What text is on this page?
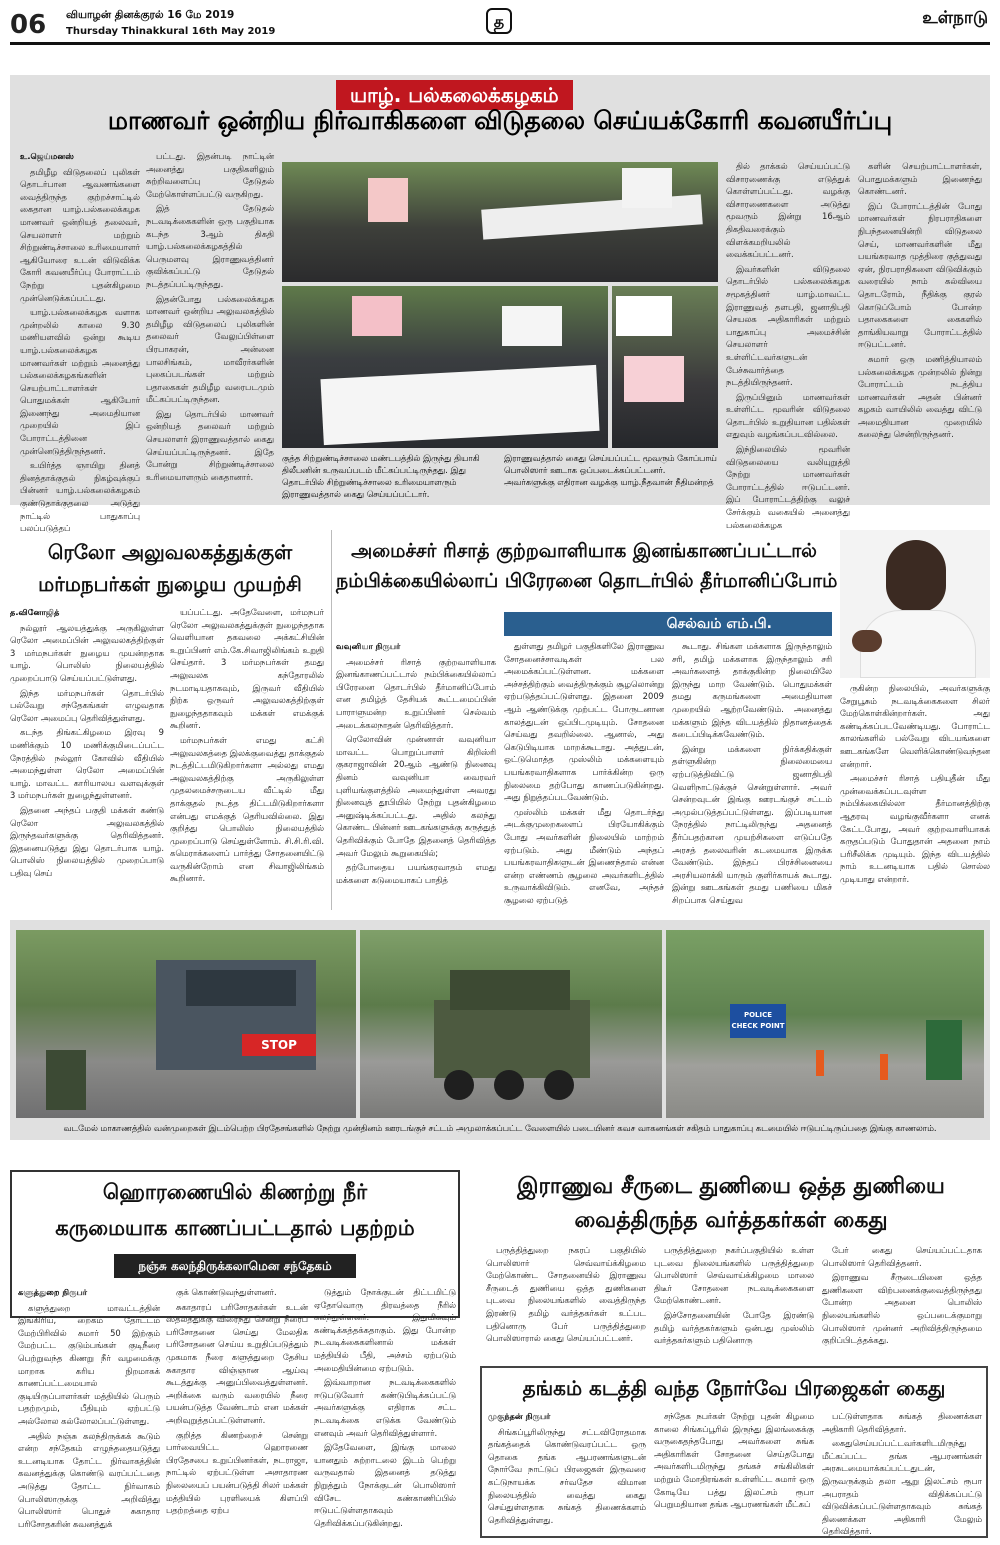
06 வியாழன் தினக்குரல் 16 மே 2019
Thursday Thinakkural 16th May 2019
த	உள்நாடு
யாழ். பல்கலைக்கழகம்
மாணவர் ஒன்றிய நிர்வாகிகளை விடுதலை செய்யக்கோரி கவனயீர்ப்பு

உ.ஜெய்மனஸ்

தமிழீழ விடுதலைப் புலிகள் தொடர்பான ஆவணங்களை வைத்திருந்த குற்றச்சாட்டில் கைதான யாழ்.பல்கலைக்கழக மாணவர் ஒன்றியத் தலைவர், செயலாளர் மற்றும் சிற்றுண்டிச்சாலை உரிமையாளர் ஆகியோரை உடன் விடுவிக்க கோரி கவனயீர்ப்பு போராட்டம் நேற்று புதன்கிழமை முன்னெடுக்கப்பட்டது.

யாழ்.பல்கலைக்கழக வளாக முன்றலில் காலை 9.30 மணியளவில் ஒன்று கூடிய யாழ்.பல்கலைக்கழக மாணவர்கள் மற்றும் அனைத்து பல்கலைக்கழகங்களின் செயற்பாட்டாளர்கள் பொதுமக்கள் ஆகியோர் இணைந்து அமைதியான முறையில் இப் போராட்டத்தினை முன்னெடுத்திருந்தனர்.

உயிர்த்த ஞாயிறு தினத் தினத்தாக்குதல் நிகழ்வுக்குப் பின்னர் யாழ்.பல்கலைக்கழகம் குண்டுதாக்குதலை அடுத்து நாட்டில் பாதுகாப்பு பலப்படுத்தப்

பட்டது. இதன்படி நாட்டின் அனைத்து பகுதிகளிலும் சுற்றிவளைப்பு தேடுதல் மேற்கொள்ளப்பட்டு வருகிறது.

இத் தேடுதல் நடவடிக்கைகளின் ஒரு பகுதியாக கடந்த 3ஆம் திகதி யாழ்.பல்கலைக்கழகத்தில் பெருமளவு இராணுவத்தினர் குவிக்கப்பட்டு தேடுதல் நடத்தப்பட்டிருந்தது.

இதன்போது பல்கலைக்கழக மாணவர் ஒன்றிய அலுவலகத்தில் தமிழீழ விடுதலைப் புலிகளின் தலைவர் வேலுப்பிள்ளை பிரபாகரன், அன்னை பாலசிங்கம், மாவீரர்களின் புகைப்படங்கள் மற்றும் பதாகைகள் தமிழீழ வரைபடமும் மீட்கப்பட்டிருந்தன.

இது தொடர்பில் மாணவர் ஒன்றியத் தலைவர் மற்றும் செயலாளர் இராணுவத்தால் கைது செய்யப்பட்டிருந்தனர். இதே போன்று சிற்றுண்டிச்சாலை உரிமையாளரும் கைதானார்.

குத்த சிற்றுண்டிச்சாலை மண்டபத்தில் இருந்து தியாகி திலீபனின் உருவப்படம் மீட்கப்பட்டிருந்தது. இது தொடர்பில் சிற்றுண்டிச்சாலை உரிமையாளரும் இராணுவத்தால் கைது செய்யப்பட்டார்.
இராணுவத்தால் கைது செய்யப்பட்ட மூவரும் கோப்பாய் பொலிஸார் ஊடாக ஒப்படைக்கப்பட்டனர். அவர்களுக்கு எதிரான வழக்கு யாழ்.நீதவான் நீதிமன்றத்

தில் தாக்கல் செய்யப்பட்டு விசாரணைக்கு எடுத்துக் கொள்ளப்பட்டது. வழக்கு விசாரணைகளை அடுத்து மூவரும் இன்று 16ஆம் திகதிவரைக்கும் விளக்கமறியலில் வைக்கப்பட்டனர்.

இவர்களின் விடுதலை தொடர்பில் பல்கலைக்கழக சமூகத்தினர் யாழ்.மாவட்ட இராணுவத் தளபதி, ஜனாதிபதி செயலக அதிகாரிகள் மற்றும் பாதுகாப்பு அமைச்சின் செயலாளர் உள்ளிட்டவர்களுடன் பேச்சுவார்த்தை நடத்தியிருந்தனர்.

இருப்பினும் மாணவர்கள் உள்ளிட்ட மூவரின் விடுதலை தொடர்பில் உறுதியான பதில்கள் எதுவும் வழங்கப்படவில்லை.

இந்நிலையில் மூவரின் விடுதலையை வலியுறுத்தி நேற்று மாணவர்கள் போராட்டத்தில் ஈடுபட்டனர். இப் போராட்டத்திற்கு வலுச் சேர்க்கும் வகையில் அனைத்து பல்கலைக்கழக

களின் செயற்பாட்டாளர்கள், பொதுமக்களும் இணைந்து கொண்டனர்.

இப் போராட்டத்தின் போது மாணவர்கள் நிரபராதிகளை நிபந்தனையின்றி விடுதலை செய், மாணவர்களின் மீது பயங்கரவாத முத்திரை குத்துவது ஏன், நிரபராதிகளை விடுவிக்கும் வரையில் நாம் கல்வியை தொடரோம், நீதிக்கு குரல் கொடுப்போம் போன்ற பதாகைகளை கைகளில் தாங்கியவாறு போராட்டத்தில் ஈடுபட்டனர்.

சுமார் ஒரு மணித்தியாலம் பல்கலைக்கழக முன்றலில் நின்று போராட்டம் நடத்திய மாணவர்கள் அதன் பின்னர் கழகம் வாயிலில் வைத்து விட்டு அமைதியான முறையில் கலைந்து சென்றிருந்தனர்.

ரெலோ அலுவலகத்துக்குள்
மர்மநபர்கள் நுழைய முயற்சி

த.வினோஜித்

நல்லூர் ஆலயத்துக்கு அருகிலுள்ள ரெலோ அமைப்பின் அலுவலகத்திற்குள் 3 மர்மநபர்கள் நுழைய முயன்றதாக யாழ். பொலிஸ் நிலையத்தில் முறைப்பாடு செய்யப்பட்டுள்ளது.

இந்த மர்மநபர்கள் தொடர்பில் பல்வேறு சந்தேகங்கள் எழுவதாக ரெலோ அமைப்பு தெரிவித்துள்ளது.

கடந்த திங்கட்கிழமை இரவு 9 மணிக்கும் 10 மணிக்குமிடைப்பட்ட நேரத்தில் நல்லூர் கோவில் வீதியில் அமைந்துள்ள ரெலோ அமைப்பின் யாழ். மாவட்ட காரியாலய வளவுக்குள் 3 மர்மநபர்கள் நுழைந்துள்ளனர்.

இதனை அந்தப் பகுதி மக்கள் கண்டு ரெலோ அலுவலகத்தில் இருந்தவர்களுக்கு தெரிவித்தனர். இதனையடுத்து இது தொடர்பாக யாழ். பொலிஸ் நிலையத்தில் முறைப்பாடு பதிவு செய்

யப்பட்டது. அதேவேளை, மர்மநபர் ரெலோ அலுவலகத்துக்குள் நுழைந்ததாக வெளியான தகவலை அக்கட்சியின் உறுப்பினர் எம்.கே.சிவாஜிலிங்கம் உறுதி செய்தார். 3 மர்மநபர்கள் தமது அலுவலக கந்தோரலில் நடமாடியதாகவும், இருவர் வீதியில் நிற்க ஒருவர் அலுவலகத்திற்குள் நுழைந்ததாகவும் மக்கள் எமக்குக் கூறினர்.

மர்மநபர்கள் எமது கட்சி அலுவலகத்தை இலக்குவைத்து தாக்குதல் நடத்திட்டமிடுகிறார்களா அல்லது எமது அலுவலகத்திற்கு அருகிலுள்ள முதலமைச்சருடைய வீட்டில் மீது தாக்குதல் நடத்த திட்டமிடுகிறார்களா என்பது எமக்குத் தெரியவில்லை. இது குறித்து பொலிஸ் நிலையத்தில் முறைப்பாடு செய்துள்ளோம். சி.சி.ரி.வி. கமெராக்களைப் பார்த்து சோதனையிட்டு வருகின்றோம் என சிவாஜிலிங்கம் கூறினார்.

அமைச்சர் ரிசாத் குற்றவாளியாக இனங்காணப்பட்டால்
நம்பிக்கையில்லாப் பிரேரனை தொடர்பில் தீர்மானிப்போம்
செல்வம் எம்.பி.

வவுனியா நிருபர்

அமைச்சர் ரிசாத் குற்றவாளியாக இனங்காணப்பட்டால் நம்பிக்கையில்லாப் பிரேரனை தொடர்பில் தீர்மானிப்போம் என தமிழ்த் தேசியக் கூட்டமைப்பின் பாராளுமன்ற உறுப்பினர் செல்வம் அடைக்கலநாதன் தெரிவித்தார்.

ரெலோவின் முன்னாள் வவுனியா மாவட்ட பொறுப்பாளர் கிறிஸ்ரி குகராஜாவின் 20ஆம் ஆண்டு நினைவு தினம் வவுனியா வைரவர் புளியங்குளத்தில் அமைந்துள்ள அவரது நினைவுத் தூபியில் நேற்று புதன்கிழமை அனுஷ்டிக்கப்பட்டது. அதில் கலந்து கொண்ட பின்னர் ஊடகங்களுக்கு கருத்துத் தெரிவிக்கும் போதே இதனைத் தெரிவித்த அவர் மேலும் கூறுகையில்;

தற்போதைய பயங்கரவாதம் எமது மக்களை கடுமையாகப் பாதித்

துள்ளது தமிழர் பகுதிகளிலே இராணுவ சோதனைச்சாவடிகள் பல அமைக்கப்பட்டுள்ளன. மக்களை அச்சத்திற்கும் வைத்திருக்கும் சூழலொன்று ஏற்படுத்தப்பட்டுள்ளது. இதனை 2009 ஆம் ஆண்டுக்கு முற்பட்ட போருடனான காலத்துடன் ஒப்பிடமுடியும். சோதனை செய்வது தவறில்லை. ஆனால், அது கெடுபிடியாக மாறக்கூடாது. அத்துடன், ஒட்டுமொத்த முஸ்லிம் மக்களையும் பயங்கரவாதிகளாக பார்க்கின்ற ஒரு நிலைமை தற்போது காணப்படுகின்றது. அது நிறுத்தப்படவேண்டும்.

முஸ்லிம் மக்கள் மீது தொடர்ந்து அடக்குமுறைகளைப் பிரயோகிக்கும் போது அவர்களின் நிலையில் மாற்றம் ஏற்படும். அது மீண்டும் அந்தப் பயங்கரவாதிகளுடன் இணைந்தால் என்ன என்ற எண்ணம் சூழலை அவர்களிடத்தில் உருவாக்கிவிடும். எனவே, அந்தச் சூழலை ஏற்படுத்

கூடாது. சிங்கள மக்களாக இருந்தாலும் சரி, தமிழ் மக்களாக இருந்தாலும் சரி அவர்களைத் தாக்குகின்ற நிலையிலே இருந்து மாற வேண்டும். பொதுமக்கள் தமது கருமங்களை அமைதியான முறையில் ஆற்றவேண்டும். அனைத்து மக்களும் இந்த விடயத்தில் நிதானத்தைக் கடைப்பிடிக்கவேண்டும்.

இன்று மக்களை நிர்க்கதிக்குள் தள்ளுகின்ற நிலைமையை ஏற்படுத்திவிட்டு ஜனாதிபதி வெளிநாட்டுக்குச் சென்றுள்ளார். அவர் சென்றவுடன் இங்கு ஊரடங்குச் சட்டம் அமுல்படுத்தப்பட்டுள்ளது. இப்படியான நேரத்தில் நாட்டிலிருந்து அதனைத் தீர்ப்பதற்கான முயற்சிகளை எடுப்பதே அரசத் தலைவரின் கடமையாக இருக்க வேண்டும். இந்தப் பிரச்சினையை அரசியலாக்கி யாரும் குளிர்காயக் கூடாது. இன்று ஊடகங்கள் தமது பணியை மிகச் சிறப்பாக செய்துவ

ருகின்ற நிலையில், அவர்களுக்கு சேறுபூசும் நடவடிக்கைகளை சிலர் மேற்கொள்கின்றார்கள். அது கண்டிக்கப்படவேண்டியது. போராட்ட காலங்களில் பல்வேறு விடயங்களை ஊடகங்களே வெளிக்கொண்டுவந்தன என்றார்.

அமைச்சர் ரிசாத் பதியுதீன் மீது முன்வைக்கப்படவுள்ள நம்பிக்கையில்லா தீர்மானத்திற்கு ஆதரவு வழங்குவீர்களா எனக் கேட்டபோது, அவர் குற்றவாளியாகக் கருதப்படும் போதுதான் அதனை நாம் பரிசீலிக்க முடியும். இந்த விடயத்தில் நாம் உடனடியாக பதில் சொல்ல முடியாது என்றார்.

STOP
POLICE CHECK POINT
வடமேல் மாகாணத்தில் வன்முறைகள் இடம்பெற்ற பிரதேசங்களில் நேற்று முன்தினம் ஊரடங்குச் சட்டம் அமுலாக்கப்பட்ட வேளையில் படையினர் கவச வாகனங்கள் சகிதம் பாதுகாப்பு கடமையில் ஈடுபட்டிருப்பதை இங்கு காணலாம்.
ஹொரணையில் கிணற்று நீர்
கருமையாக காணப்பட்டதால் பதற்றம்
நஞ்சு கலந்திருக்கலாமென சந்தேகம்

களுத்துறை நிருபர்

களுத்துறை மாவட்டத்தின் இங்கிரிய, றைகம் தோட்டம் மேற்பிரிவில் சுமார் 50 இற்கும் மேற்பட்ட குடும்பங்கள் குடிநீரை பெற்றுவந்த கிணறு நீர் வழமைக்கு மாறாக கரிய நிறமாகக் காணப்பட்டமையால் குடியிருப்பாளர்கள் மத்தியில் பெரும் பதற்றமும், பீதியும் ஏற்பட்டு அல்லோல கல்லோலப்பட்டுள்ளது.

அதில் நஞ்சு கலந்திருக்கக் கூடும் என்ற சந்தேகம் எழுந்ததையடுத்து உடனடியாக தோட்ட நிர்வாகத்தின் கவனத்துக்கு கொண்டு வரப்பட்டதை அடுத்து தோட்ட நிர்வாகம் பொலிஸாருக்கு அறிவித்து பொலிஸார் பொதுச் சுகாதார பரிசோதகரின் கவனத்துக்

குக் கொண்டுவந்துள்ளனர்.

சுகாதாரப் பரிசோதகர்கள் உடன் ஸ்தலத்துக்கு விரைந்து சென்று நீரைப் பரிசோதனை செய்து மேலதிக பரிசோதனை செய்ய உறுதிப்படுத்தும் முகமாக நீரை களுத்துறை தேசிய சுகாதார விஞ்ஞான ஆய்வு கூடத்துக்கு அனுப்பிவைத்துள்ளனர். அறிக்கை வரும் வரையில் நீரை பயன்படுத்த வேண்டாம் என மக்கள் அறிவுறுத்தப்பட்டுள்ளனர்.

குறித்த கிணற்றைச் சென்று பார்வையிட்ட ஹொரணை பிரதேசபை உறுப்பினர்கள், நடராஜா, நாட்டில் ஏற்பட்டுள்ள அசாதாரண நிலையைப் பயன்படுத்தி சிலர் மக்கள் மத்தியில் புரளியைக் கிளப்பி பதற்றத்தை ஏற்ப

டுத்தும் நோக்குடன் திட்டமிட்டு ஏதோவொரு திரவத்தை நீரில் கலந்துள்ளனர். இதுமிகவும் கண்டிக்கத்தக்கதாகும். இது போன்ற நடவடிக்கைகளினால் மக்கள் மத்தியில் பீதி, அச்சம் ஏற்படும் அமைதியின்மை ஏற்படும்.

இவ்வாறான நடவடிக்கைகளில் ஈடுபடுவோர் கண்டுபிடிக்கப்பட்டு அவர்களுக்கு எதிராக சட்ட நடவடிக்கை எடுக்க வேண்டும் எனவும் அவர் தெரிவித்துள்ளார்.

இதேவேளை, இங்கு மாலை யானதும் சுற்றாடலை இடம் பெற்று வருவதால் இதனைத் தடுத்து நிறுத்தும் நோக்குடன் பொலிஸார் விசேட கண்காணிப்பில் ஈடுபட்டுள்ளதாகவும் தெரிவிக்கப்படுகின்றது.

இராணுவ சீருடை துணியை ஒத்த துணியை
வைத்திருந்த வர்த்தகர்கள் கைது

பருத்தித்துறை நகரப் பகுதியில் பொலிஸார் செவ்வாய்க்கிழமை மேற்கொண்ட சோதனையில் இராணுவ சீருடைத் துணியை ஒத்த துணிகளை புடவை நிலையங்களில் வைத்திருந்த இரண்டு தமிழ் வர்த்தகர்கள் உட்பட பதினொரு பேர் பருத்தித்துறை பொலிஸாரால் கைது செய்யப்பட்டனர்.

பருத்தித்துறை நகர்ப்பகுதியில் உள்ள புடவை நிலையங்களில் பருத்தித்துறை பொலிஸார் செவ்வாய்க்கிழமை மாலை திடீர் சோதனை நடவடிக்கைகளை மேற்கொண்டனர்.

இச்சோதனையின் போதே இரண்டு தமிழ் வர்த்தகர்களும் ஒன்பது முஸ்லிம் வர்த்தகர்களும் பதினொரு

பேர் கைது செய்யப்பட்டதாக பொலிஸார் தெரிவித்தனர்.

இராணுவ சீருடையினை ஒத்த துணிகளை விற்பனைக்குவைத்திருந்தது போன்ற அதனை பொலிஸ் நிலையங்களில் ஒப்படைக்குமாறு பொலிஸார் முன்னர் அறிவித்திருந்தமை குறிப்பிடத்தக்கது.

தங்கம் கடத்தி வந்த நோர்வே பிரஜைகள் கைது

முகுந்தன் நிருபர்

சிங்கப்பூரிலிருந்து சட்டவிரோதமாக தங்கத்தைக் கொண்டுவரப்பட்ட ஒரு தொகை தங்க ஆபரணங்களுடன் நோர்வே நாட்டுப் பிரஜைகள் இருவரை கட்டுநாயக்க சர்வதேச விமான நிலையத்தில் வைத்து கைது செய்துள்ளதாக சுங்கத் திணைக்களம் தெரிவித்துள்ளது.

சந்தேக நபர்கள் நேற்று புதன் கிழமை காலை சிங்கப்பூரில் இருந்து இலங்கைக்கு வருகைதந்தபோது அவர்களை சுங்க அதிகாரிகள் சோதனை செய்தபோது அவர்களிடமிருந்து தங்கச் சங்கிலிகள் மற்றும் மோதிரங்கள் உள்ளிட்ட சுமார் ஒரு கோடியே பத்து இலட்சம் ரூபா பெறுமதியான தங்க ஆபரணங்கள் மீட்கப்

பட்டுள்ளதாக சுங்கத் திணைக்கள அதிகாரி தெரிவித்தார்.

கைதுசெய்யப்பட்டவர்களிடமிருந்து மீட்கப்பட்ட தங்க ஆபரணங்கள் அரசுடமையாக்கப்பட்டதுடன், இருவருக்கும் தலா ஆறு இலட்சம் ரூபா அபராதம் விதிக்கப்பட்டு விடுவிக்கப்பட்டுள்ளதாகவும் சுங்கத் திணைக்கள அதிகாரி மேலும் தெரிவித்தார்.
